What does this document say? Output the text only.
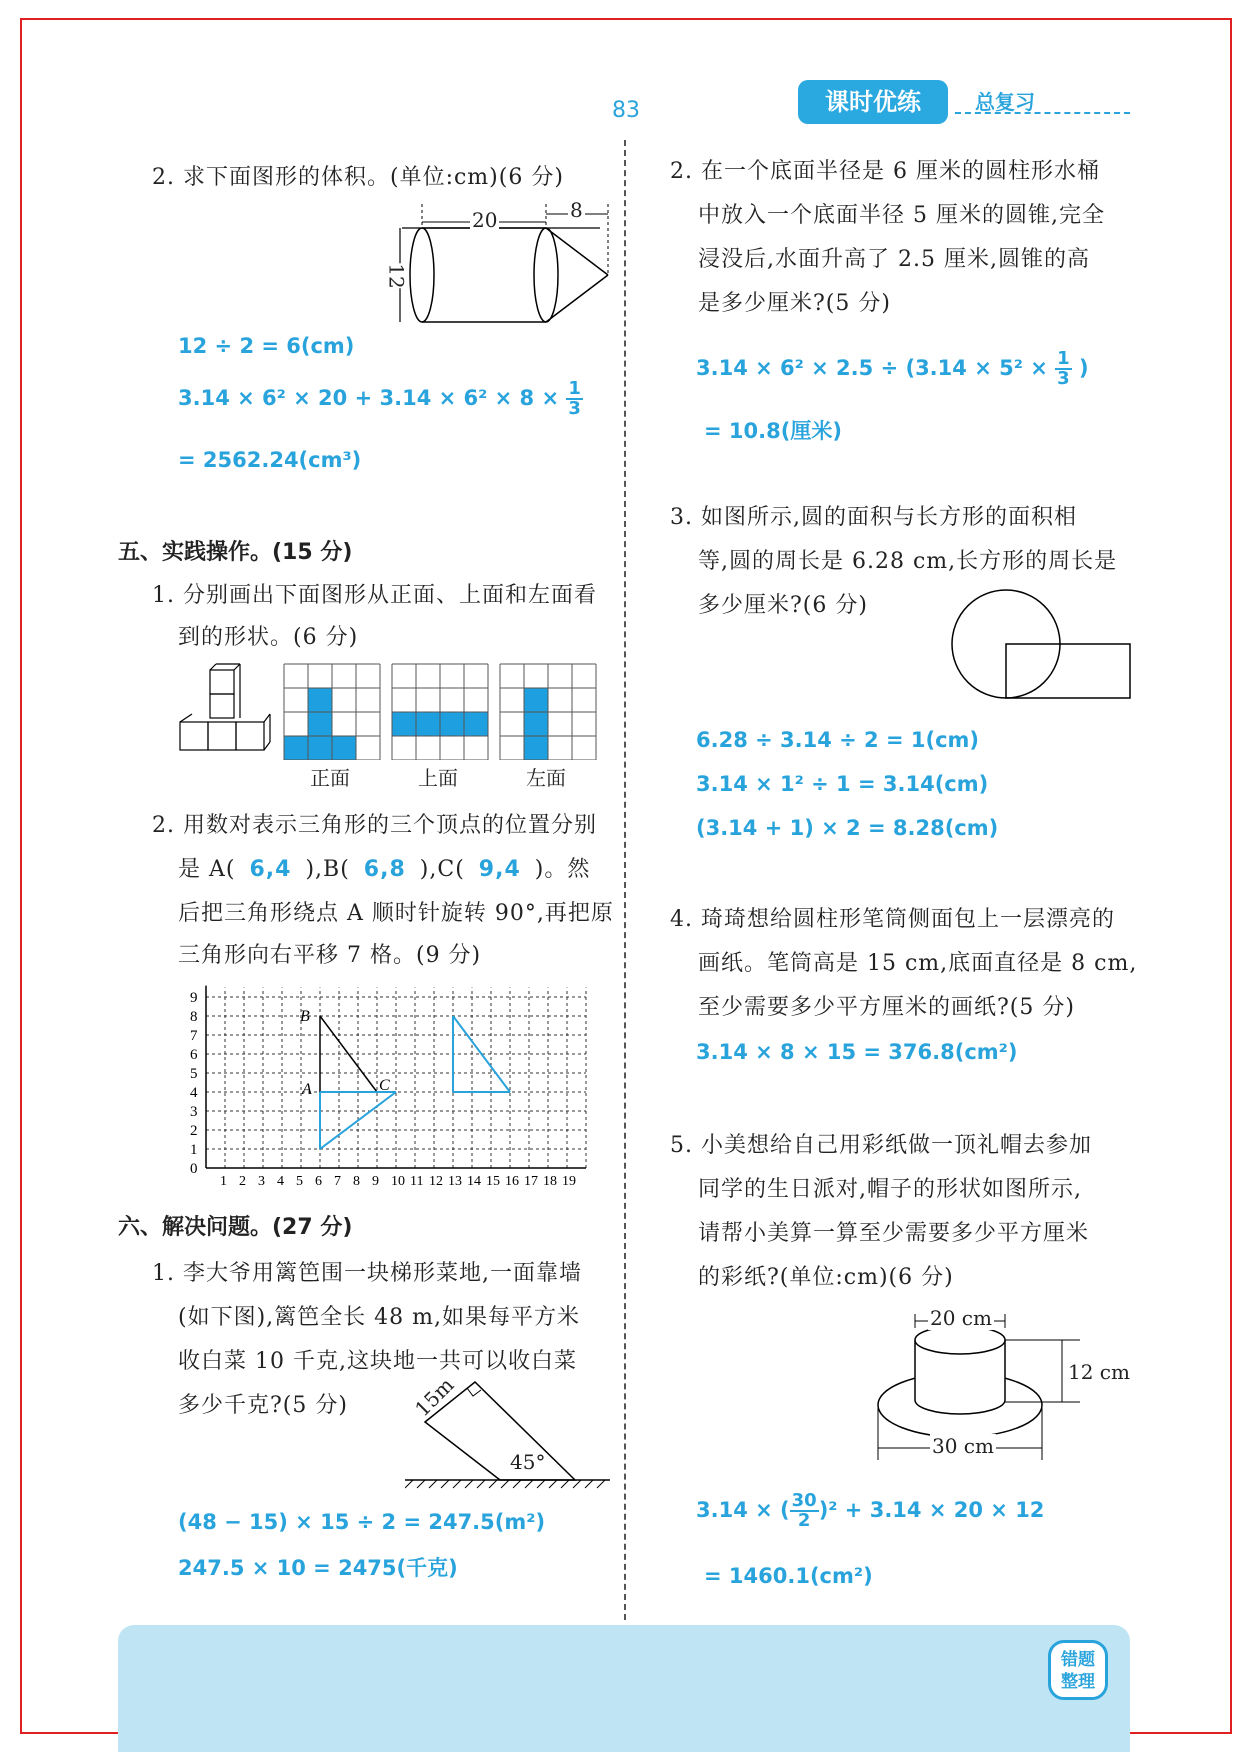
83	课时优练	总复习
2. 求下面图形的体积。(单位:cm)(6 分)
20	8
12
12 ÷ 2 = 6(cm)
$3.14 \times 6^2 \times 20 + 3.14 \times 6^2 \times 8 \times \frac{1}{3}$
= 2562.24(cm³)
五、实践操作。(15 分)
1. 分别画出下面图形从正面、上面和左面看
到的形状。(6 分)
正面	上面	左面
2. 用数对表示三角形的三个顶点的位置分别
是 A( 6,4 ),B( 6,8 ),C( 9,4 )。然
后把三角形绕点 A 顺时针旋转 90°,再把原
三角形向右平移 7 格。(9 分)
9
8
7
6
5
4
3
2
1
0
1 2 3 4 5 6 7 8 9 10 11 12 13 14 15 16 17 18 19
B
A	C
六、解决问题。(27 分)
1. 李大爷用篱笆围一块梯形菜地,一面靠墙
(如下图),篱笆全长 48 m,如果每平方米
收白菜 10 千克,这块地一共可以收白菜
多少千克?(5 分)	15m
45°
(48 − 15) × 15 ÷ 2 = 247.5(m²)
247.5 × 10 = 2475(千克)
2. 在一个底面半径是 6 厘米的圆柱形水桶
中放入一个底面半径 5 厘米的圆锥,完全
浸没后,水面升高了 2.5 厘米,圆锥的高
是多少厘米?(5 分)
$3.14 \times 6^2 \times 2.5 \div (3.14 \times 5^2 \times \frac{1}{3}$ )
= 10.8(厘米)
3. 如图所示,圆的面积与长方形的面积相
等,圆的周长是 6.28 cm,长方形的周长是
多少厘米?(6 分)
6.28 ÷ 3.14 ÷ 2 = 1(cm)
3.14 × 1² ÷ 1 = 3.14(cm)
(3.14 + 1) × 2 = 8.28(cm)
4. 琦琦想给圆柱形笔筒侧面包上一层漂亮的
画纸。笔筒高是 15 cm,底面直径是 8 cm,
至少需要多少平方厘米的画纸?(5 分)
3.14 × 8 × 15 = 376.8(cm²)
5. 小美想给自己用彩纸做一顶礼帽去参加
同学的生日派对,帽子的形状如图所示,
请帮小美算一算至少需要多少平方厘米
的彩纸?(单位:cm)(6 分)
20 cm
12 cm
30 cm
3.14 × ( $\frac{30}{2} )^2 + 3.14 \times 20 \times 12$
= 1460.1(cm²)
错题
整理
